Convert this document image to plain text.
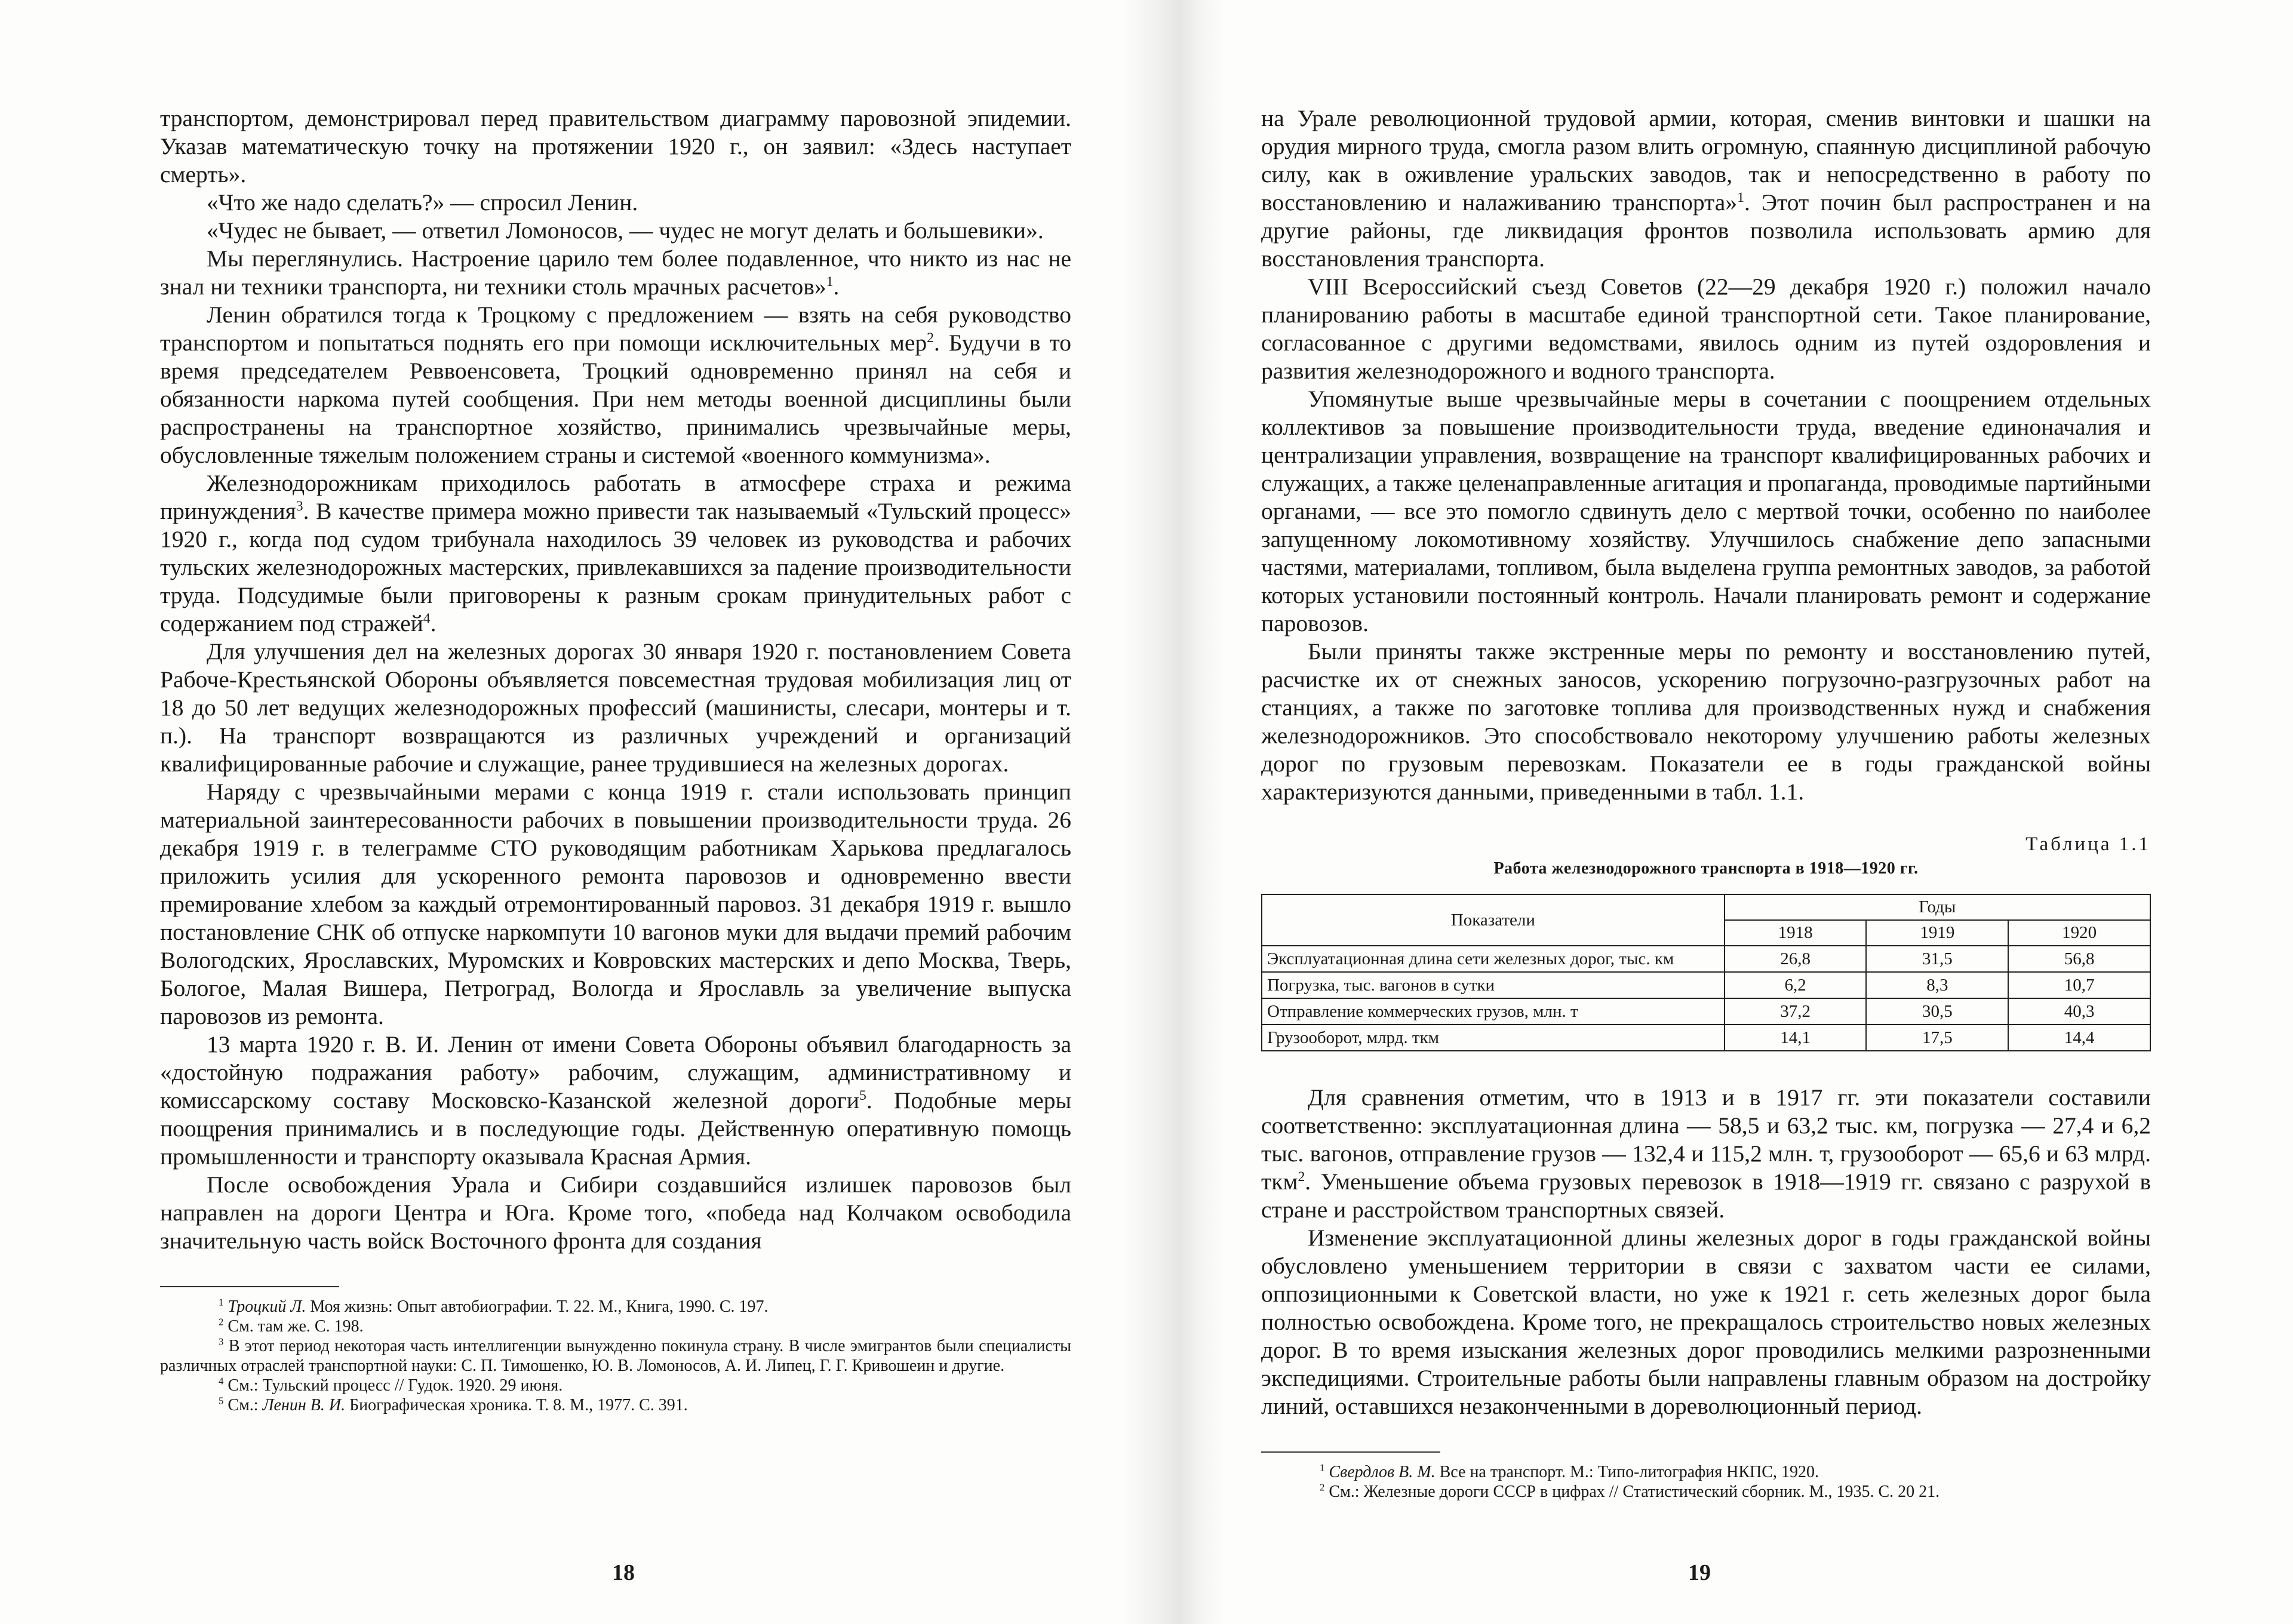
транспортом, демонстрировал перед правительством диаграмму паровозной эпидемии. Указав математическую точку на протяжении 1920 г., он заявил: «Здесь наступает смерть».

«Что же надо сделать?» — спросил Ленин.

«Чудес не бывает, — ответил Ломоносов, — чудес не могут делать и большевики».

Мы переглянулись. Настроение царило тем более подавленное, что никто из нас не знал ни техники транспорта, ни техники столь мрачных расчетов»$^1$.

Ленин обратился тогда к Троцкому с предложением — взять на себя руководство транспортом и попытаться поднять его при помощи исключительных мер$^2$. Будучи в то время председателем Реввоенсовета, Троцкий одновременно принял на себя и обязанности наркома путей сообщения. При нем методы военной дисциплины были распространены на транспортное хозяйство, принимались чрезвычайные меры, обусловленные тяжелым положением страны и системой «военного коммунизма».

Железнодорожникам приходилось работать в атмосфере страха и режима принуждения$^3$. В качестве примера можно привести так называемый «Тульский процесс» 1920 г., когда под судом трибунала находилось 39 человек из руководства и рабочих тульских железнодорожных мастерских, привлекавшихся за падение производительности труда. Подсудимые были приговорены к разным срокам принудительных работ с содержанием под стражей$^4$.

Для улучшения дел на железных дорогах 30 января 1920 г. постановлением Совета Рабоче-Крестьянской Обороны объявляется повсеместная трудовая мобилизация лиц от 18 до 50 лет ведущих железнодорожных профессий (машинисты, слесари, монтеры и т. п.). На транспорт возвращаются из различных учреждений и организаций квалифицированные рабочие и служащие, ранее трудившиеся на железных дорогах.

Наряду с чрезвычайными мерами с конца 1919 г. стали использовать принцип материальной заинтересованности рабочих в повышении производительности труда. 26 декабря 1919 г. в телеграмме СТО руководящим работникам Харькова предлагалось приложить усилия для ускоренного ремонта паровозов и одновременно ввести премирование хлебом за каждый отремонтированный паровоз. 31 декабря 1919 г. вышло постановление СНК об отпуске наркомпути 10 вагонов муки для выдачи премий рабочим Вологодских, Ярославских, Муромских и Ковровских мастерских и депо Москва, Тверь, Бологое, Малая Вишера, Петроград, Вологда и Ярославль за увеличение выпуска паровозов из ремонта.

13 марта 1920 г. В. И. Ленин от имени Совета Обороны объявил благодарность за «достойную подражания работу» рабочим, служащим, административному и комиссарскому составу Московско-Казанской железной дороги$^5$. Подобные меры поощрения принимались и в последующие годы. Действенную оперативную помощь промышленности и транспорту оказывала Красная Армия.

После освобождения Урала и Сибири создавшийся излишек паровозов был направлен на дороги Центра и Юга. Кроме того, «победа над Колчаком освободила значительную часть войск Восточного фронта для создания

$^1$ Троцкий Л. Моя жизнь: Опыт автобиографии. Т. 22. М., Книга, 1990. С. 197.

$^2$ См. там же. С. 198.

$^3$ В этот период некоторая часть интеллигенции вынужденно покинула страну. В числе эмигрантов были специалисты различных отраслей транспортной науки: С. П. Тимошенко, Ю. В. Ломоносов, А. И. Липец, Г. Г. Кривошеин и другие.

$^4$ См.: Тульский процесс // Гудок. 1920. 29 июня.

$^5$ См.: Ленин В. И. Биографическая хроника. Т. 8. М., 1977. С. 391.

18

на Урале революционной трудовой армии, которая, сменив винтовки и шашки на орудия мирного труда, смогла разом влить огромную, спаянную дисциплиной рабочую силу, как в оживление уральских заводов, так и непосредственно в работу по восстановлению и налаживанию транспорта»$^1$. Этот почин был распространен и на другие районы, где ликвидация фронтов позволила использовать армию для восстановления транспорта.

VIII Всероссийский съезд Советов (22—29 декабря 1920 г.) положил начало планированию работы в масштабе единой транспортной сети. Такое планирование, согласованное с другими ведомствами, явилось одним из путей оздоровления и развития железнодорожного и водного транспорта.

Упомянутые выше чрезвычайные меры в сочетании с поощрением отдельных коллективов за повышение производительности труда, введение единоначалия и централизации управления, возвращение на транспорт квалифицированных рабочих и служащих, а также целенаправленные агитация и пропаганда, проводимые партийными органами, — все это помогло сдвинуть дело с мертвой точки, особенно по наиболее запущенному локомотивному хозяйству. Улучшилось снабжение депо запасными частями, материалами, топливом, была выделена группа ремонтных заводов, за работой которых установили постоянный контроль. Начали планировать ремонт и содержание паровозов.

Были приняты также экстренные меры по ремонту и восстановлению путей, расчистке их от снежных заносов, ускорению погрузочно-разгрузочных работ на станциях, а также по заготовке топлива для производственных нужд и снабжения железнодорожников. Это способствовало некоторому улучшению работы железных дорог по грузовым перевозкам. Показатели ее в годы гражданской войны характеризуются данными, приведенными в табл. 1.1.

Таблица 1.1
Работа железнодорожного транспорта в 1918—1920 гг.
Показатели	Годы		
	1918	1919	1920
Эксплуатационная длина сети железных дорог, тыс. км	26,8	31,5	56,8
Погрузка, тыс. вагонов в сутки	6,2	8,3	10,7
Отправление коммерческих грузов, млн. т	37,2	30,5	40,3
Грузооборот, млрд. ткм	14,1	17,5	14,4

Для сравнения отметим, что в 1913 и в 1917 гг. эти показатели составили соответственно: эксплуатационная длина — 58,5 и 63,2 тыс. км, погрузка — 27,4 и 6,2 тыс. вагонов, отправление грузов — 132,4 и 115,2 млн. т, грузооборот — 65,6 и 63 млрд. ткм$^2$. Уменьшение объема грузовых перевозок в 1918—1919 гг. связано с разрухой в стране и расстройством транспортных связей.

Изменение эксплуатационной длины железных дорог в годы гражданской войны обусловлено уменьшением территории в связи с захватом части ее силами, оппозиционными к Советской власти, но уже к 1921 г. сеть железных дорог была полностью освобождена. Кроме того, не прекращалось строительство новых железных дорог. В то время изыскания железных дорог проводились мелкими разрозненными экспедициями. Строительные работы были направлены главным образом на достройку линий, оставшихся незаконченными в дореволюционный период.

$^1$ Свердлов В. М. Все на транспорт. М.: Типо-литография НКПС, 1920.

$^2$ См.: Железные дороги СССР в цифрах // Статистический сборник. М., 1935. С. 20 21.

19
